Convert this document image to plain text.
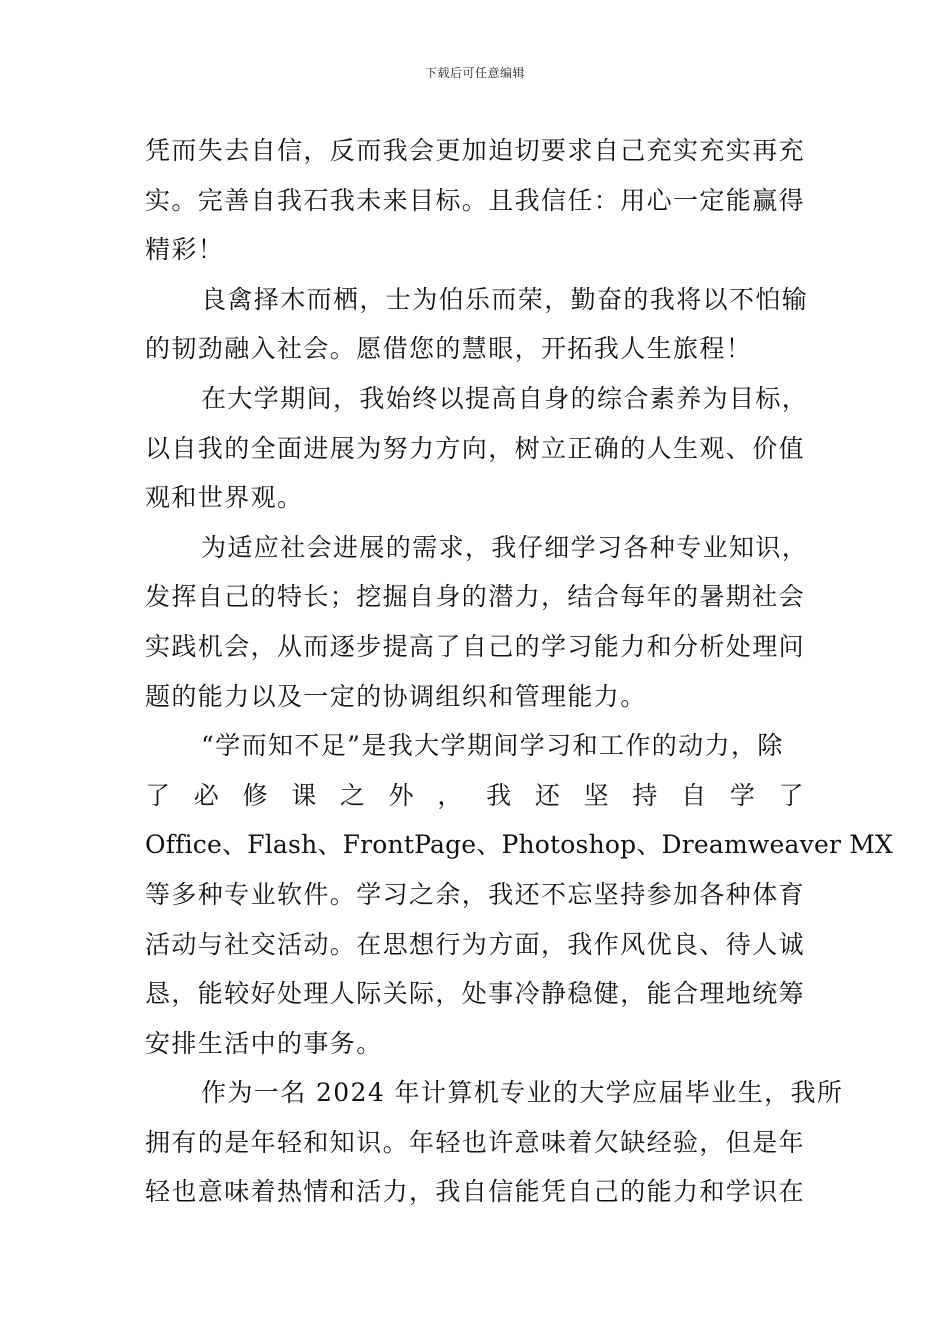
下载后可任意编辑
凭而失去自信，反而我会更加迫切要求自己充实充实再充
实。完善自我石我未来目标。且我信任：用心一定能赢得
精彩！
良禽择木而栖，士为伯乐而荣，勤奋的我将以不怕输
的韧劲融入社会。愿借您的慧眼，开拓我人生旅程！
在大学期间，我始终以提高自身的综合素养为目标，
以自我的全面进展为努力方向，树立正确的人生观、价值
观和世界观。
为适应社会进展的需求，我仔细学习各种专业知识，
发挥自己的特长；挖掘自身的潜力，结合每年的暑期社会
实践机会，从而逐步提高了自己的学习能力和分析处理问
题的能力以及一定的协调组织和管理能力。
“学而知不足”是我大学期间学习和工作的动力，除
了 必 修 课 之 外 ， 我 还 坚 持 自 学 了
Office、Flash、FrontPage、Photoshop、Dreamweaver MX
等多种专业软件。学习之余，我还不忘坚持参加各种体育
活动与社交活动。在思想行为方面，我作风优良、待人诚
恳，能较好处理人际关际，处事冷静稳健，能合理地统筹
安排生活中的事务。
作为一名 2024 年计算机专业的大学应届毕业生，我所
拥有的是年轻和知识。年轻也许意味着欠缺经验，但是年
轻也意味着热情和活力，我自信能凭自己的能力和学识在
